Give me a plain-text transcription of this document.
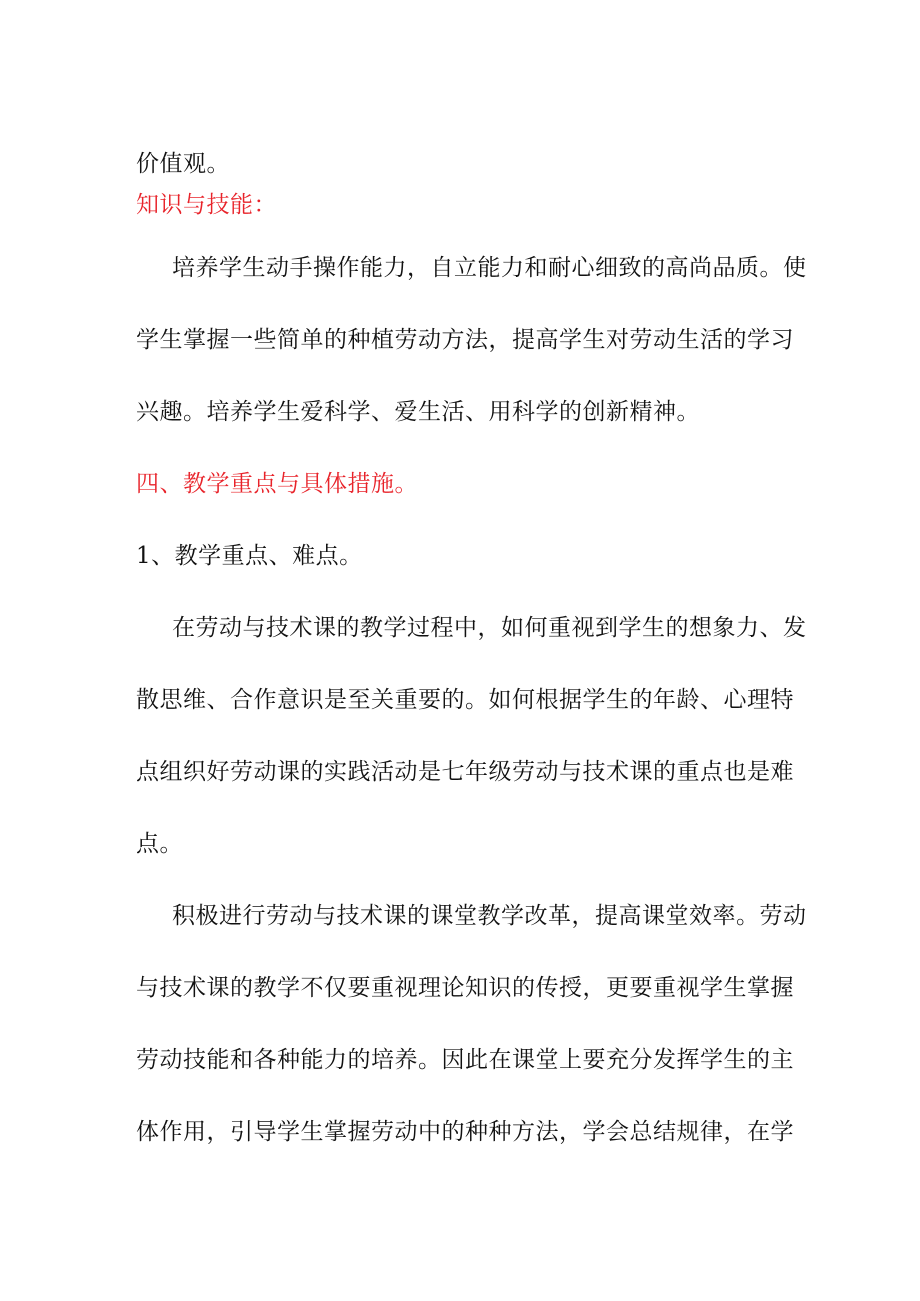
价值观。
知识与技能：
培养学生动手操作能力，自立能力和耐心细致的高尚品质。使
学生掌握一些简单的种植劳动方法，提高学生对劳动生活的学习
兴趣。培养学生爱科学、爱生活、用科学的创新精神。
四、教学重点与具体措施。
1、教学重点、难点。
在劳动与技术课的教学过程中，如何重视到学生的想象力、发
散思维、合作意识是至关重要的。如何根据学生的年龄、心理特
点组织好劳动课的实践活动是七年级劳动与技术课的重点也是难
点。
积极进行劳动与技术课的课堂教学改革，提高课堂效率。劳动
与技术课的教学不仅要重视理论知识的传授，更要重视学生掌握
劳动技能和各种能力的培养。因此在课堂上要充分发挥学生的主
体作用，引导学生掌握劳动中的种种方法，学会总结规律，在学
